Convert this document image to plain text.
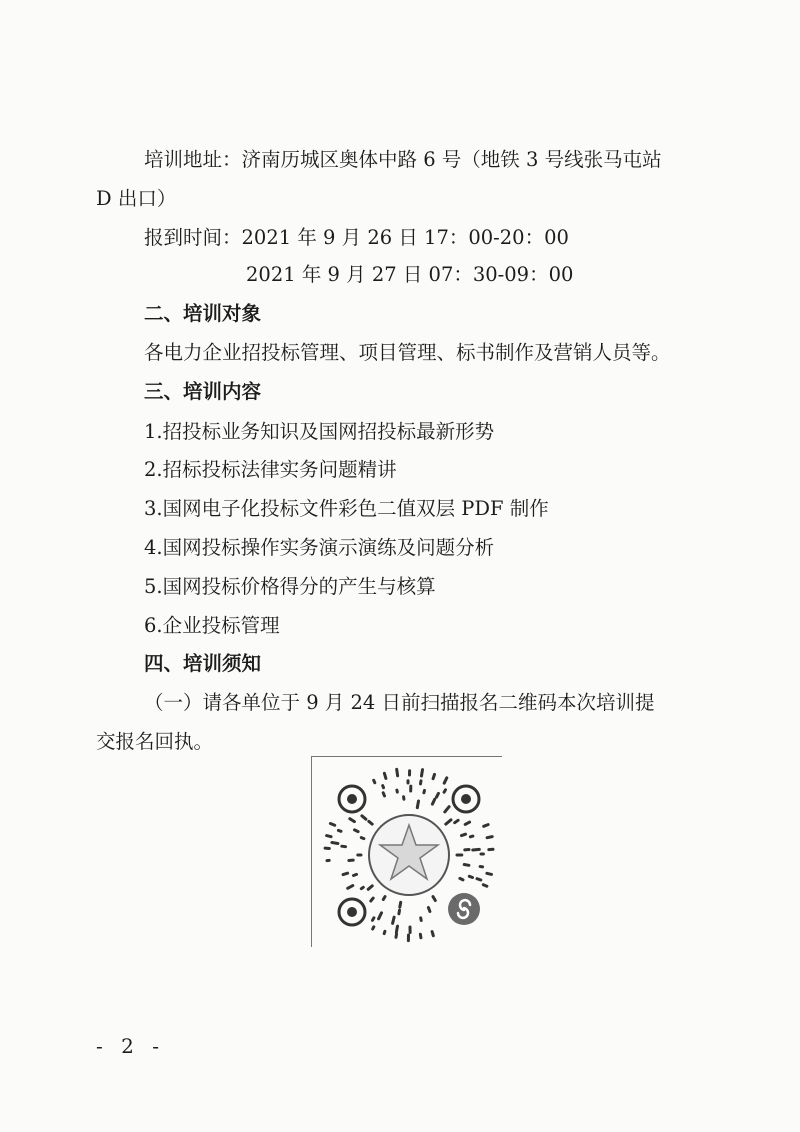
培训地址：济南历城区奥体中路 6 号（地铁 3 号线张马屯站
D 出口）
报到时间：2021 年 9 月 26 日 17：00-20：00
2021 年 9 月 27 日 07：30-09：00
二、培训对象
各电力企业招投标管理、项目管理、标书制作及营销人员等。
三、培训内容
1.招投标业务知识及国网招投标最新形势
2.招标投标法律实务问题精讲
3.国网电子化投标文件彩色二值双层 PDF 制作
4.国网投标操作实务演示演练及问题分析
5.国网投标价格得分的产生与核算
6.企业投标管理
四、培训须知
（一）请各单位于 9 月 24 日前扫描报名二维码本次培训提
交报名回执。
- 2 -
